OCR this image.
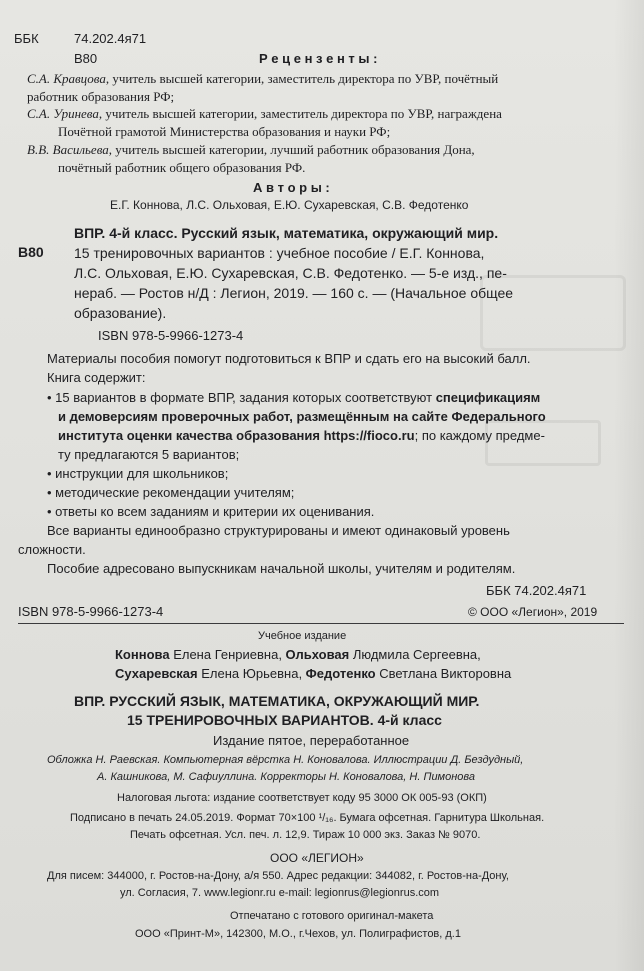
ББК	74.202.4я71
В80	Р е ц е н з е н т ы :
С.А. Кравцова, учитель высшей категории, заместитель директора по УВР, почётный
работник образования РФ;
С.А. Уринева, учитель высшей категории, заместитель директора по УВР, награждена
Почётной грамотой Министерства образования и науки РФ;
В.В. Васильева, учитель высшей категории, лучший работник образования Дона,
почётный работник общего образования РФ.
А в т о р ы :
Е.Г. Коннова, Л.С. Ольховая, Е.Ю. Сухаревская, С.В. Федотенко
В80
ВПР. 4-й класс. Русский язык, математика, окружающий мир.
15 тренировочных вариантов : учебное пособие / Е.Г. Коннова,
Л.С. Ольховая, Е.Ю. Сухаревская, С.В. Федотенко. — 5-е изд., пе-
нераб. — Ростов н/Д : Легион, 2019. — 160 с. — (Начальное общее
образование).
ISBN 978-5-9966-1273-4
Материалы пособия помогут подготовиться к ВПР и сдать его на высокий балл.
Книга содержит:
• 15 вариантов в формате ВПР, задания которых соответствуют спецификациям
и демоверсиям проверочных работ, размещённым на сайте Федерального
института оценки качества образования https://fioco.ru; по каждому предме-
ту предлагаются 5 вариантов;
• инструкции для школьников;
• методические рекомендации учителям;
• ответы ко всем заданиям и критерии их оценивания.
Все варианты единообразно структурированы и имеют одинаковый уровень
сложности.
Пособие адресовано выпускникам начальной школы, учителям и родителям.
ББК 74.202.4я71
ISBN 978-5-9966-1273-4	© ООО «Легион», 2019
Учебное издание
Коннова Елена Генриевна, Ольховая Людмила Сергеевна,
Сухаревская Елена Юрьевна, Федотенко Светлана Викторовна
ВПР. РУССКИЙ ЯЗЫК, МАТЕМАТИКА, ОКРУЖАЮЩИЙ МИР.
15 ТРЕНИРОВОЧНЫХ ВАРИАНТОВ. 4-й класс
Издание пятое, переработанное
Обложка Н. Раевская. Компьютерная вёрстка Н. Коновалова. Иллюстрации Д. Бездудный,
А. Кашникова, М. Сафиуллина. Корректоры Н. Коновалова, Н. Пимонова
Налоговая льгота: издание соответствует коду 95 3000 ОК 005-93 (ОКП)
Подписано в печать 24.05.2019. Формат 70×100 ¹/₁₆. Бумага офсетная. Гарнитура Школьная.
Печать офсетная. Усл. печ. л. 12,9. Тираж 10 000 экз. Заказ № 9070.
ООО «ЛЕГИОН»
Для писем: 344000, г. Ростов-на-Дону, а/я 550. Адрес редакции: 344082, г. Ростов-на-Дону,
ул. Согласия, 7. www.legionr.ru e-mail: legionrus@legionrus.com
Отпечатано с готового оригинал-макета
ООО «Принт-М», 142300, М.О., г.Чехов, ул. Полиграфистов, д.1
